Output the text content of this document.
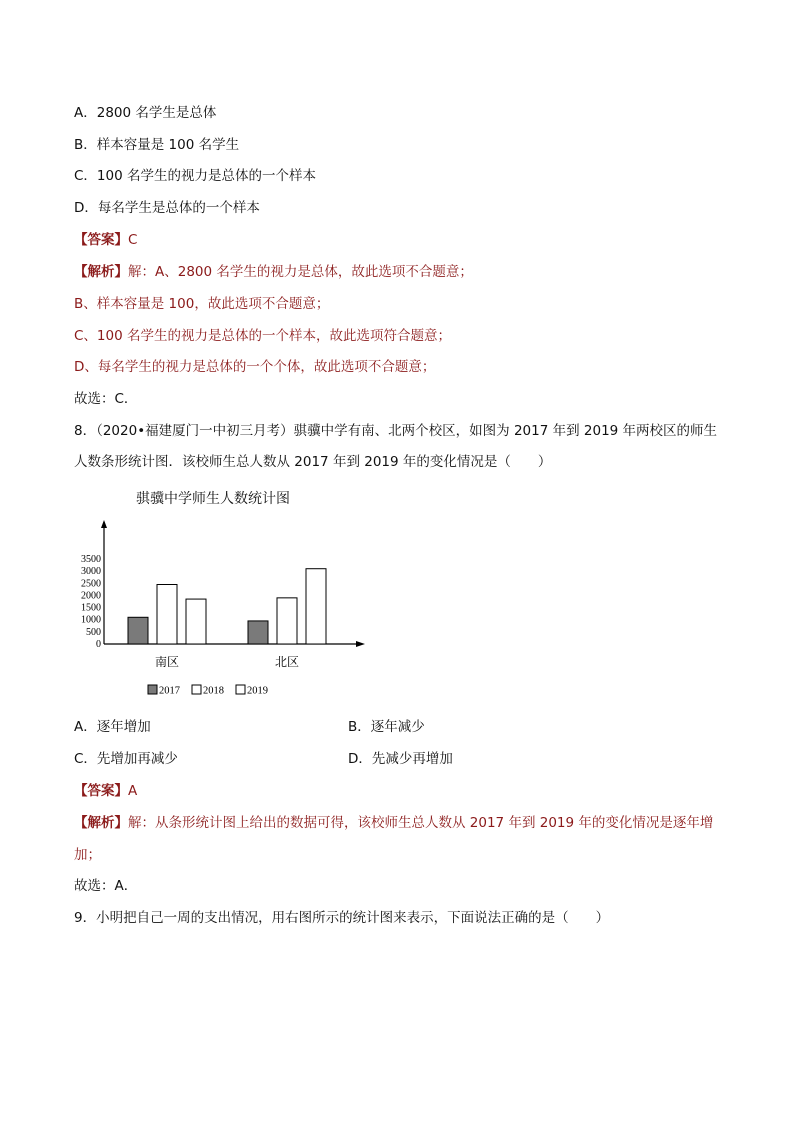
A．2800 名学生是总体
B．样本容量是 100 名学生
C．100 名学生的视力是总体的一个样本
D．每名学生是总体的一个样本
【答案】C
【解析】解：A、2800 名学生的视力是总体，故此选项不合题意；
B、样本容量是 100，故此选项不合题意；
C、100 名学生的视力是总体的一个样本，故此选项符合题意；
D、每名学生的视力是总体的一个个体，故此选项不合题意；
故选：C．
8．（2020•福建厦门一中初三月考）骐骥中学有南、北两个校区，如图为 2017 年到 2019 年两校区的师生
人数条形统计图．该校师生总人数从 2017 年到 2019 年的变化情况是（　　）
骐骥中学师生人数统计图
0
500
1000
1500
2000
2500
3000
3500
南区	北区
2017 2018 2019
A．逐年增加	B．逐年减少
C．先增加再减少	D．先减少再增加
【答案】A
【解析】解：从条形统计图上给出的数据可得，该校师生总人数从 2017 年到 2019 年的变化情况是逐年增
加；
故选：A．
9．小明把自己一周的支出情况，用右图所示的统计图来表示，下面说法正确的是（　　）
